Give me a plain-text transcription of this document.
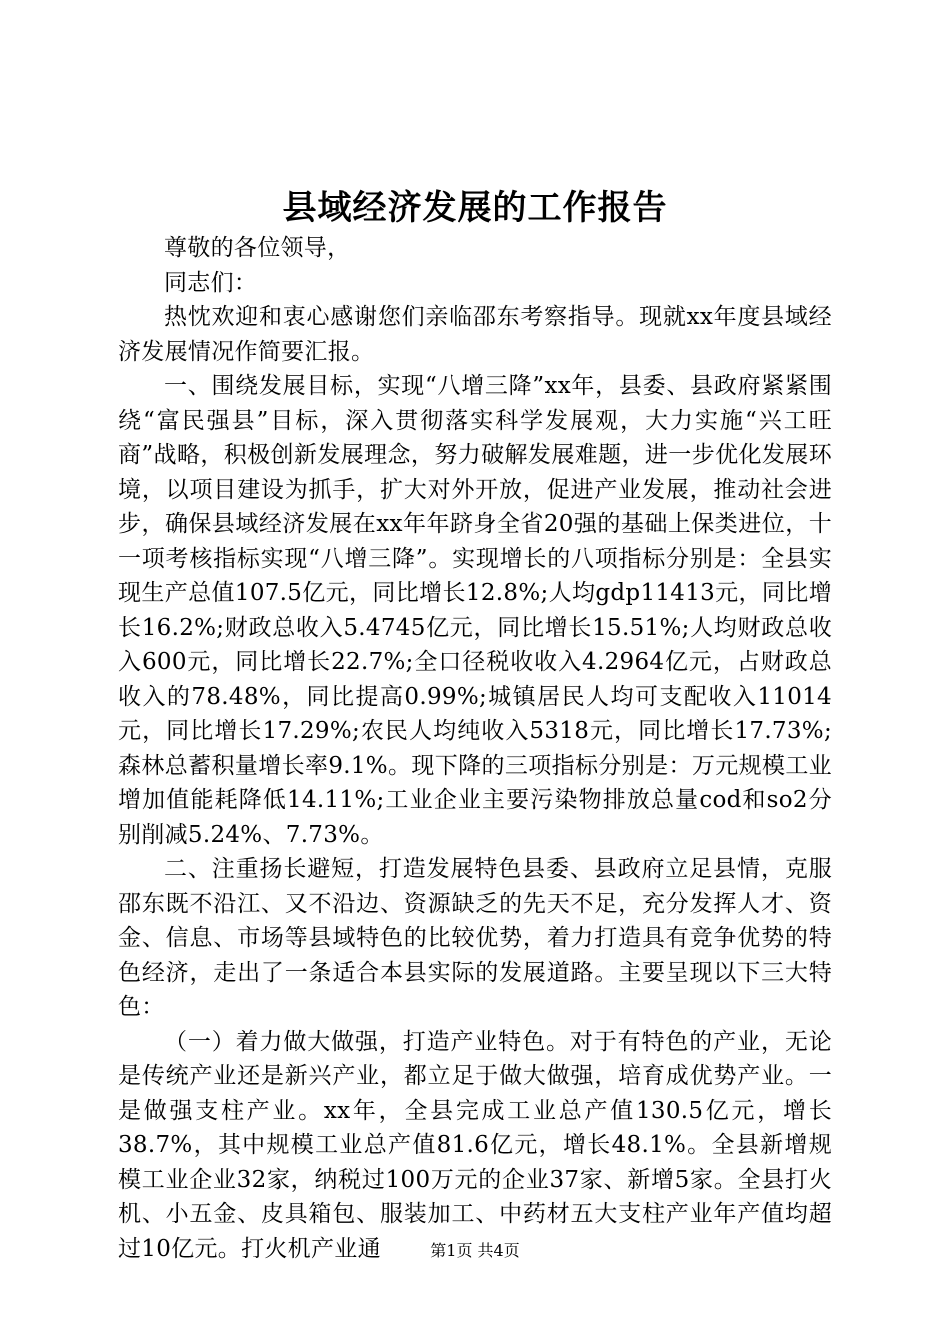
县域经济发展的工作报告

尊敬的各位领导，

同志们：

热忱欢迎和衷心感谢您们亲临邵东考察指导。现就xx年度县域经济发展情况作简要汇报。

一、围绕发展目标，实现“八增三降”xx年，县委、县政府紧紧围绕“富民强县”目标，深入贯彻落实科学发展观，大力实施“兴工旺商”战略，积极创新发展理念，努力破解发展难题，进一步优化发展环境，以项目建设为抓手，扩大对外开放，促进产业发展，推动社会进步，确保县域经济发展在xx年年跻身全省20强的基础上保类进位，十一项考核指标实现“八增三降”。实现增长的八项指标分别是：全县实现生产总值107.5亿元，同比增长12.8%;人均gdp11413元，同比增长16.2%;财政总收入5.4745亿元，同比增长15.51%;人均财政总收入600元，同比增长22.7%;全口径税收收入4.2964亿元，占财政总收入的78.48%，同比提高0.99%;城镇居民人均可支配收入11014元，同比增长17.29%;农民人均纯收入5318元，同比增长17.73%;森林总蓄积量增长率9.1%。现下降的三项指标分别是：万元规模工业增加值能耗降低14.11%;工业企业主要污染物排放总量cod和so2分别削减5.24%、7.73%。

二、注重扬长避短，打造发展特色县委、县政府立足县情，克服邵东既不沿江、又不沿边、资源缺乏的先天不足，充分发挥人才、资金、信息、市场等县域特色的比较优势，着力打造具有竞争优势的特色经济，走出了一条适合本县实际的发展道路。主要呈现以下三大特色：

（一）着力做大做强，打造产业特色。对于有特色的产业，无论是传统产业还是新兴产业，都立足于做大做强，培育成优势产业。一是做强支柱产业。xx年，全县完成工业总产值130.5亿元，增长38.7%，其中规模工业总产值81.6亿元，增长48.1%。全县新增规模工业企业32家，纳税过100万元的企业37家、新增5家。全县打火机、小五金、皮具箱包、服装加工、中药材五大支柱产业年产值均超过10亿元。打火机产业通	第1页 共4页
